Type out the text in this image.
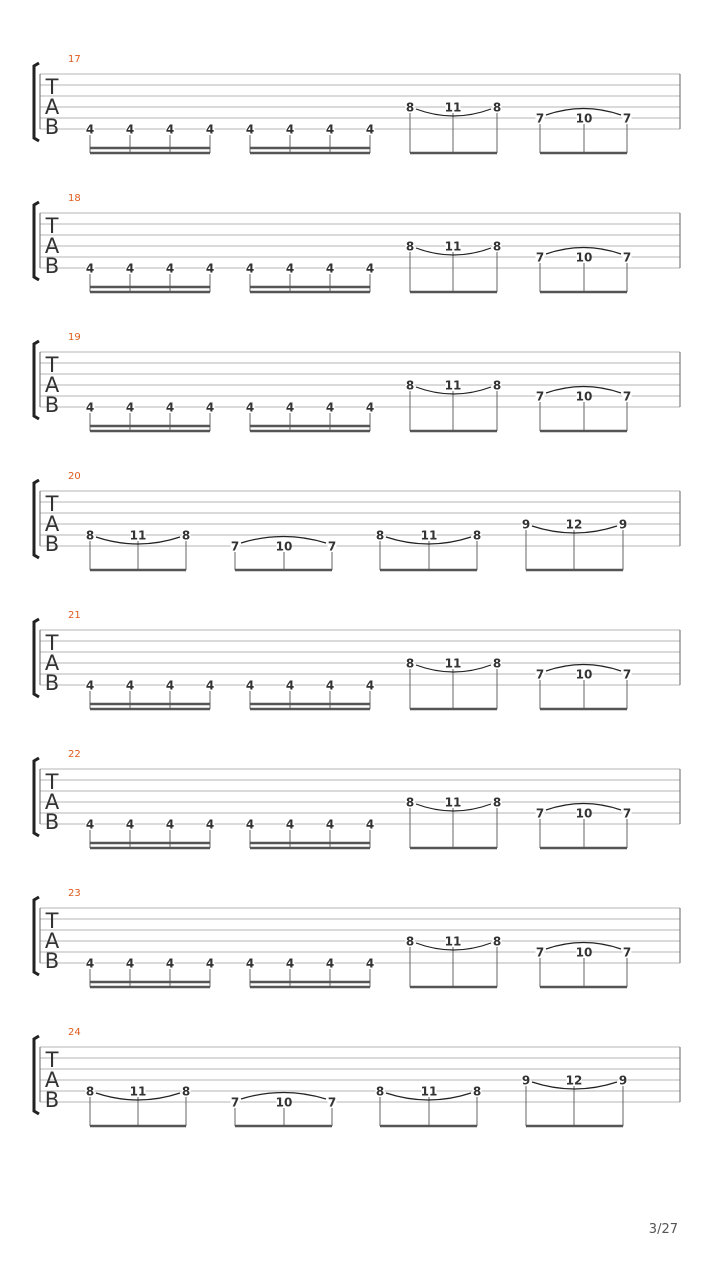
17
T
A
B 4	4	4	4	4	4	4	4
8	11	8
7	10	7
18
T
A
B 4	4	4	4	4	4	4	4
8	11	8
7	10	7
19
T
A
B 4	4	4	4	4	4	4	4
8	11	8
7	10	7
20
T
A
B 8	11	8
7	10	7
8	11	8
9	12	9
21
T
A
B 4	4	4	4	4	4	4	4
8	11	8
7	10	7
22
T
A
B 4	4	4	4	4	4	4	4
8	11	8
7	10	7
23
T
A
B 4	4	4	4	4	4	4	4
8	11	8
7	10	7
24
T
A
B 8	11	8
7	10	7
8	11	8
9	12	9
3/27
